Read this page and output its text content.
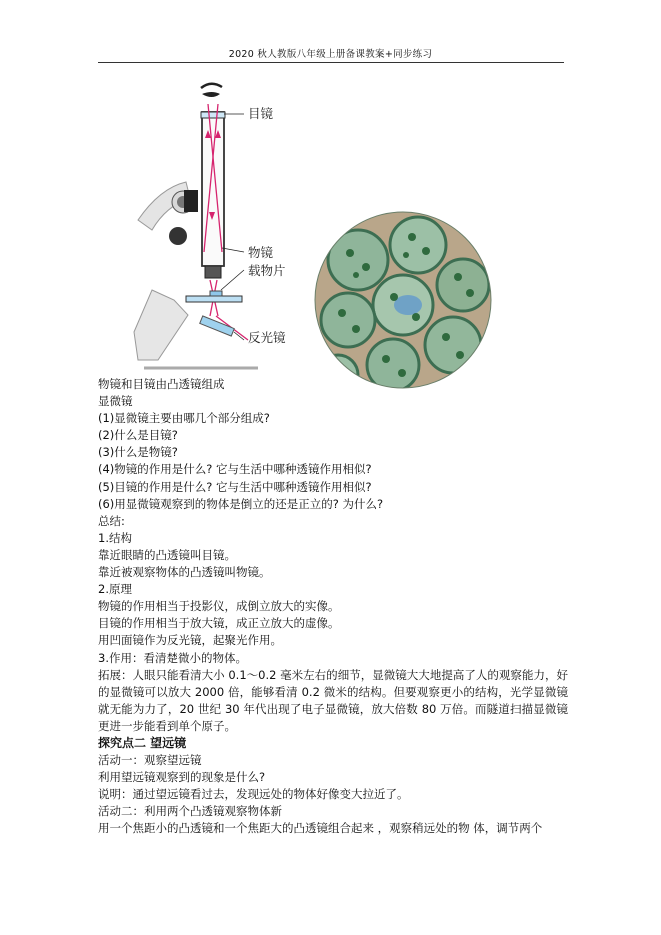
2020 秋人教版八年级上册备课教案+同步练习
目镜
物镜
载物片
反光镜

物镜和目镜由凸透镜组成

显微镜

(1)显微镜主要由哪几个部分组成?

(2)什么是目镜?

(3)什么是物镜?

(4)物镜的作用是什么? 它与生活中哪种透镜作用相似?

(5)目镜的作用是什么? 它与生活中哪种透镜作用相似?

(6)用显微镜观察到的物体是倒立的还是正立的? 为什么?

总结:

1.结构

靠近眼睛的凸透镜叫目镜。

靠近被观察物体的凸透镜叫物镜。

2.原理

物镜的作用相当于投影仪，成倒立放大的实像。

目镜的作用相当于放大镜，成正立放大的虚像。

用凹面镜作为反光镜，起聚光作用。

3.作用：看清楚微小的物体。

拓展：人眼只能看清大小 0.1～0.2 毫米左右的细节，显微镜大大地提高了人的观察能力，好的显微镜可以放大 2000 倍，能够看清 0.2 微米的结构。但要观察更小的结构，光学显微镜就无能为力了，20 世纪 30 年代出现了电子显微镜，放大倍数 80 万倍。而隧道扫描显微镜更进一步能看到单个原子。

探究点二 望远镜

活动一：观察望远镜

利用望远镜观察到的现象是什么?

说明：通过望远镜看过去，发现远处的物体好像变大拉近了。

活动二：利用两个凸透镜观察物体新

用一个焦距小的凸透镜和一个焦距大的凸透镜组合起来 ，观察稍远处的物 体，调节两个
